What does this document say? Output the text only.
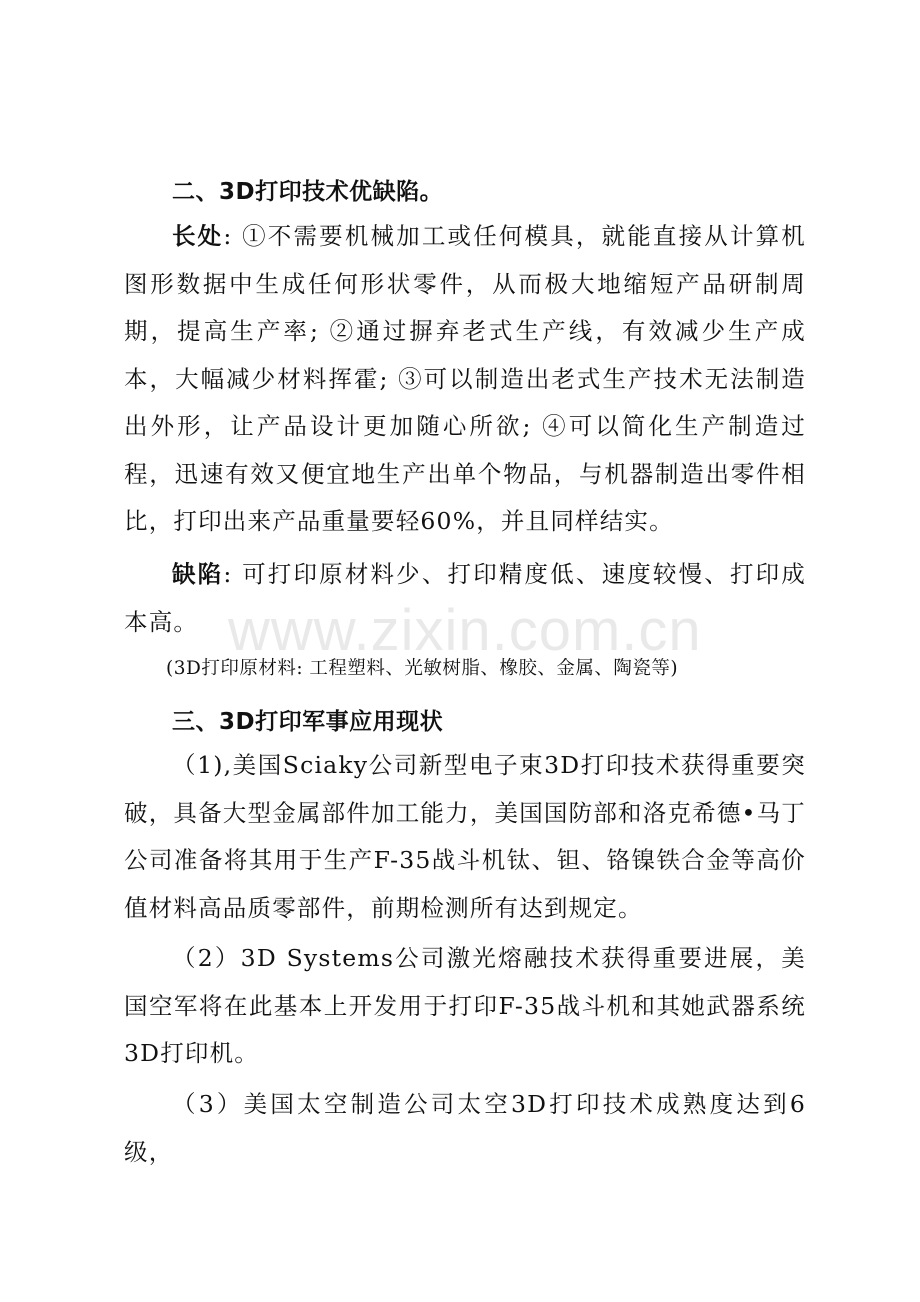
二、3D打印技术优缺陷。
长处: ①不需要机械加工或任何模具，就能直接从计算机图形数据中生成任何形状零件，从而极大地缩短产品研制周期，提高生产率; ②通过摒弃老式生产线，有效减少生产成本，大幅减少材料挥霍; ③可以制造出老式生产技术无法制造出外形，让产品设计更加随心所欲; ④可以简化生产制造过程，迅速有效又便宜地生产出单个物品，与机器制造出零件相比，打印出来产品重量要轻60%，并且同样结实。
缺陷: 可打印原材料少、打印精度低、速度较慢、打印成本高。
(3D打印原材料: 工程塑料、光敏树脂、橡胶、金属、陶瓷等)
三、3D打印军事应用现状
（1),美国Sciaky公司新型电子束3D打印技术获得重要突破，具备大型金属部件加工能力，美国国防部和洛克希德•马丁公司准备将其用于生产F-35战斗机钛、钽、铬镍铁合金等高价值材料高品质零部件，前期检测所有达到规定。
（2）3D Systems公司激光熔融技术获得重要进展，美国空军将在此基本上开发用于打印F-35战斗机和其她武器系统3D打印机。
（3）美国太空制造公司太空3D打印技术成熟度达到6级，
www.zixin.com.cn
